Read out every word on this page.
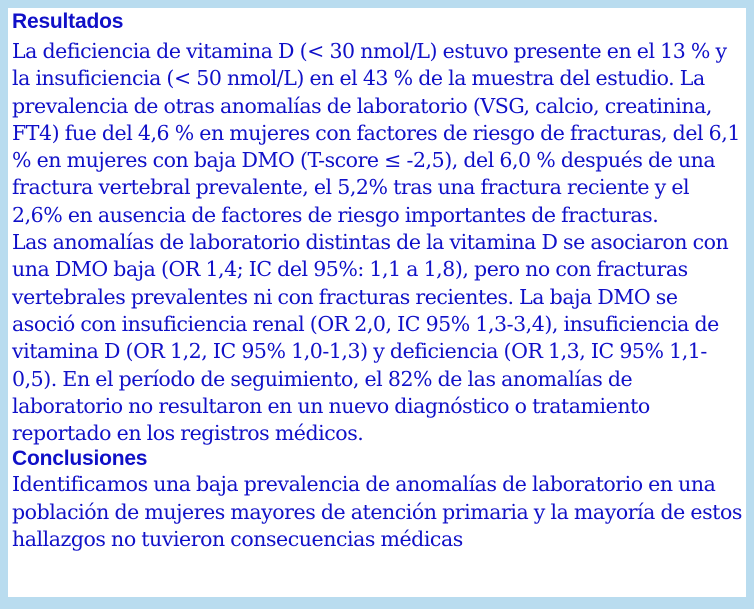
Resultados

La deficiencia de vitamina D (< 30 nmol/L) estuvo presente en el 13 % y la insuficiencia (< 50 nmol/L) en el 43 % de la muestra del estudio. La prevalencia de otras anomalías de laboratorio (VSG, calcio, creatinina, FT4) fue del 4,6 % en mujeres con factores de riesgo de fracturas, del 6,1 % en mujeres con baja DMO (T-score ≤ -2,5), del 6,0 % después de una fractura vertebral prevalente, el 5,2% tras una fractura reciente y el 2,6% en ausencia de factores de riesgo importantes de fracturas.

Las anomalías de laboratorio distintas de la vitamina D se asociaron con una DMO baja (OR 1,4; IC del 95%: 1,1 a 1,8), pero no con fracturas vertebrales prevalentes ni con fracturas recientes. La baja DMO se asoció con insuficiencia renal (OR 2,0, IC 95% 1,3-3,4), insuficiencia de vitamina D (OR 1,2, IC 95% 1,0-1,3) y deficiencia (OR 1,3, IC 95% 1,1-0,5). En el período de seguimiento, el 82% de las anomalías de laboratorio no resultaron en un nuevo diagnóstico o tratamiento reportado en los registros médicos.

Conclusiones

Identificamos una baja prevalencia de anomalías de laboratorio en una población de mujeres mayores de atención primaria y la mayoría de estos hallazgos no tuvieron consecuencias médicas
